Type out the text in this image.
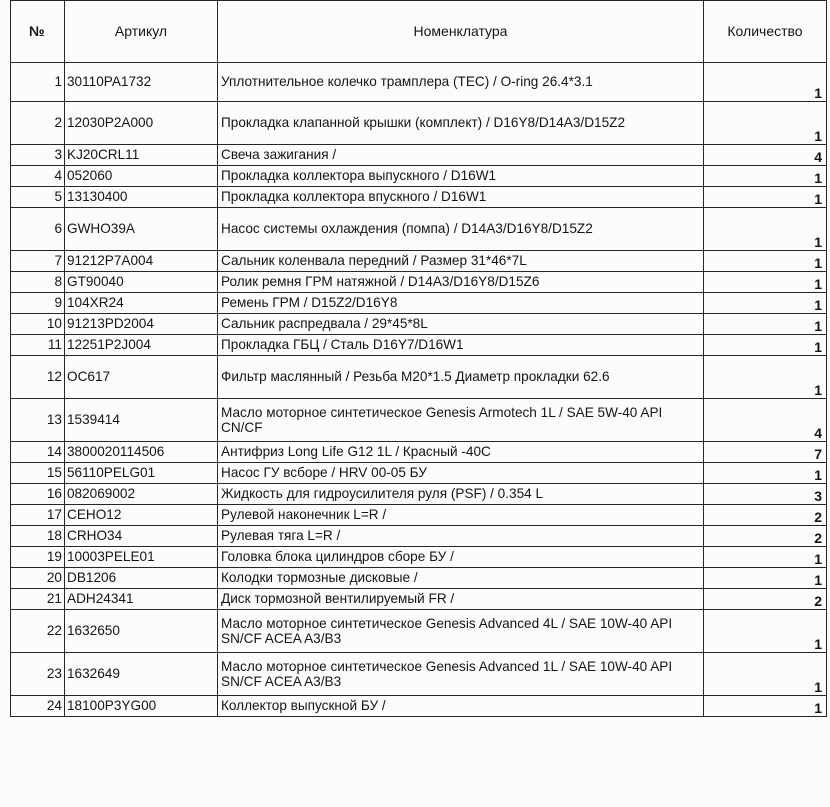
№	Артикул	Номенклатура	Количество
1	30110PA1732	Уплотнительное колечко трамплера (ТЕС) / O-ring 26.4*3.1	1
2	12030P2A000	Прокладка клапанной крышки (комплект) / D16Y8/D14A3/D15Z2	1
3	KJ20CRL11	Свеча зажигания /	4
4	052060	Прокладка коллектора выпускного / D16W1	1
5	13130400	Прокладка коллектора впускного / D16W1	1
6	GWHO39A	Насос системы охлаждения (помпа) / D14A3/D16Y8/D15Z2	1
7	91212P7A004	Сальник коленвала передний / Размер 31*46*7L	1
8	GT90040	Ролик ремня ГРМ натяжной / D14A3/D16Y8/D15Z6	1
9	104XR24	Ремень ГРМ / D15Z2/D16Y8	1
10	91213PD2004	Сальник распредвала / 29*45*8L	1
11	12251P2J004	Прокладка ГБЦ / Сталь D16Y7/D16W1	1
12	OC617	Фильтр маслянный / Резьба M20*1.5 Диаметр прокладки 62.6	1
13	1539414	Масло моторное синтетическое Genesis Armotech 1L / SAE 5W-40 API CN/CF	4
14	3800020114506	Антифриз Long Life G12 1L / Красный -40С	7
15	56110PELG01	Насос ГУ всборе / HRV 00-05 БУ	1
16	082069002	Жидкость для гидроусилителя руля (PSF) / 0.354 L	3
17	CEHO12	Рулевой наконечник L=R /	2
18	CRHO34	Рулевая тяга L=R /	2
19	10003PELE01	Головка блока цилиндров сборе БУ /	1
20	DB1206	Колодки тормозные дисковые /	1
21	ADH24341	Диск тормозной вентилируемый FR /	2
22	1632650	Масло моторное синтетическое Genesis Advanced 4L / SAE 10W-40 API SN/CF ACEA A3/B3	1
23	1632649	Масло моторное синтетическое Genesis Advanced 1L / SAE 10W-40 API SN/CF ACEA A3/B3	1
24	18100P3YG00	Коллектор выпускной БУ /	1
